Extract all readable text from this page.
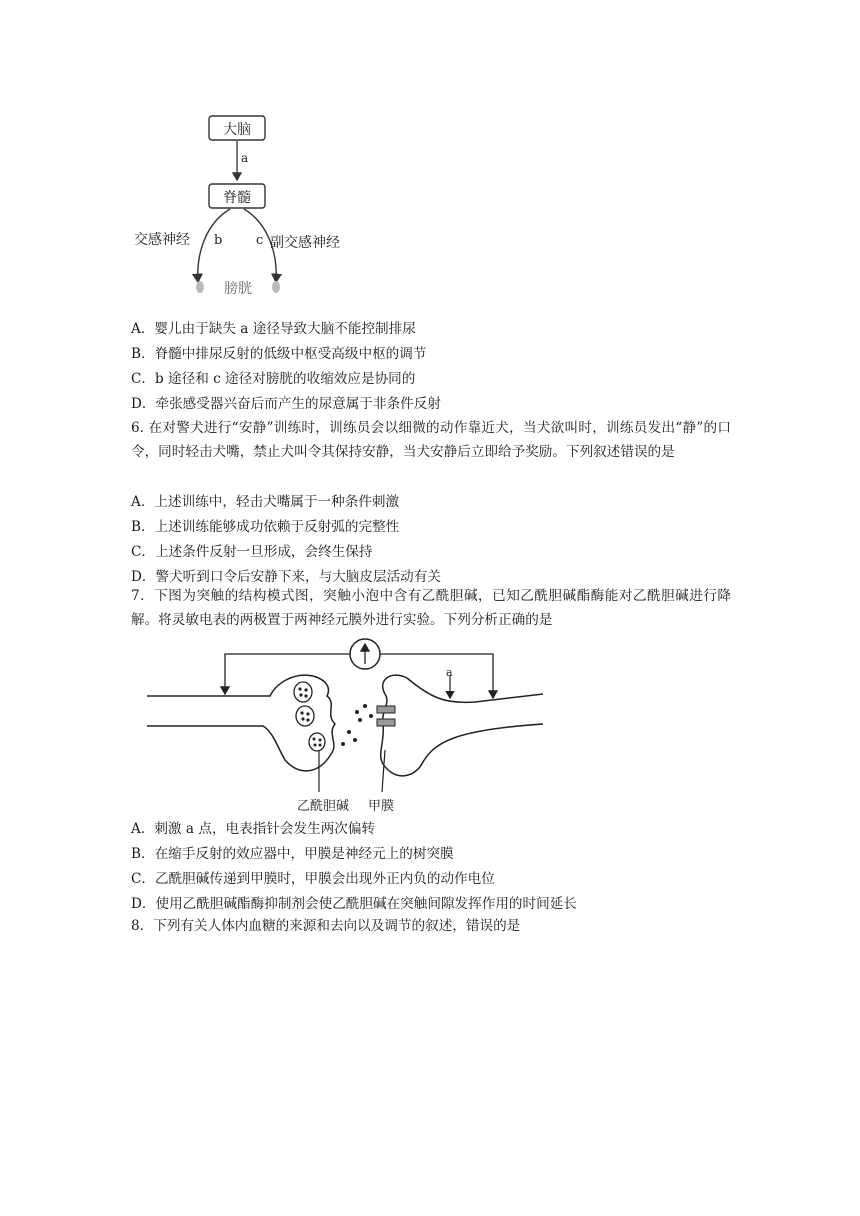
大脑
a
脊髓
交感神经 b	c 副交感神经
膀胱
A．婴儿由于缺失 a 途径导致大脑不能控制排尿
B．脊髓中排尿反射的低级中枢受高级中枢的调节
C．b 途径和 c 途径对膀胱的收缩效应是协同的
D．牵张感受器兴奋后而产生的尿意属于非条件反射
6. 在对警犬进行“安静”训练时，训练员会以细微的动作靠近犬，当犬欲叫时，训练员发出“静”的口令，同时轻击犬嘴，禁止犬叫令其保持安静，当犬安静后立即给予奖励。下列叙述错误的是
A．上述训练中，轻击犬嘴属于一种条件刺激
B．上述训练能够成功依赖于反射弧的完整性
C．上述条件反射一旦形成，会终生保持
D．警犬听到口令后安静下来，与大脑皮层活动有关
7．下图为突触的结构模式图，突触小泡中含有乙酰胆碱，已知乙酰胆碱酯酶能对乙酰胆碱进行降解。将灵敏电表的两极置于两神经元膜外进行实验。下列分析正确的是
a
乙酰胆碱 甲膜
A．刺激 a 点，电表指针会发生两次偏转
B．在缩手反射的效应器中，甲膜是神经元上的树突膜
C．乙酰胆碱传递到甲膜时，甲膜会出现外正内负的动作电位
D．使用乙酰胆碱酯酶抑制剂会使乙酰胆碱在突触间隙发挥作用的时间延长
8．下列有关人体内血糖的来源和去向以及调节的叙述，错误的是
